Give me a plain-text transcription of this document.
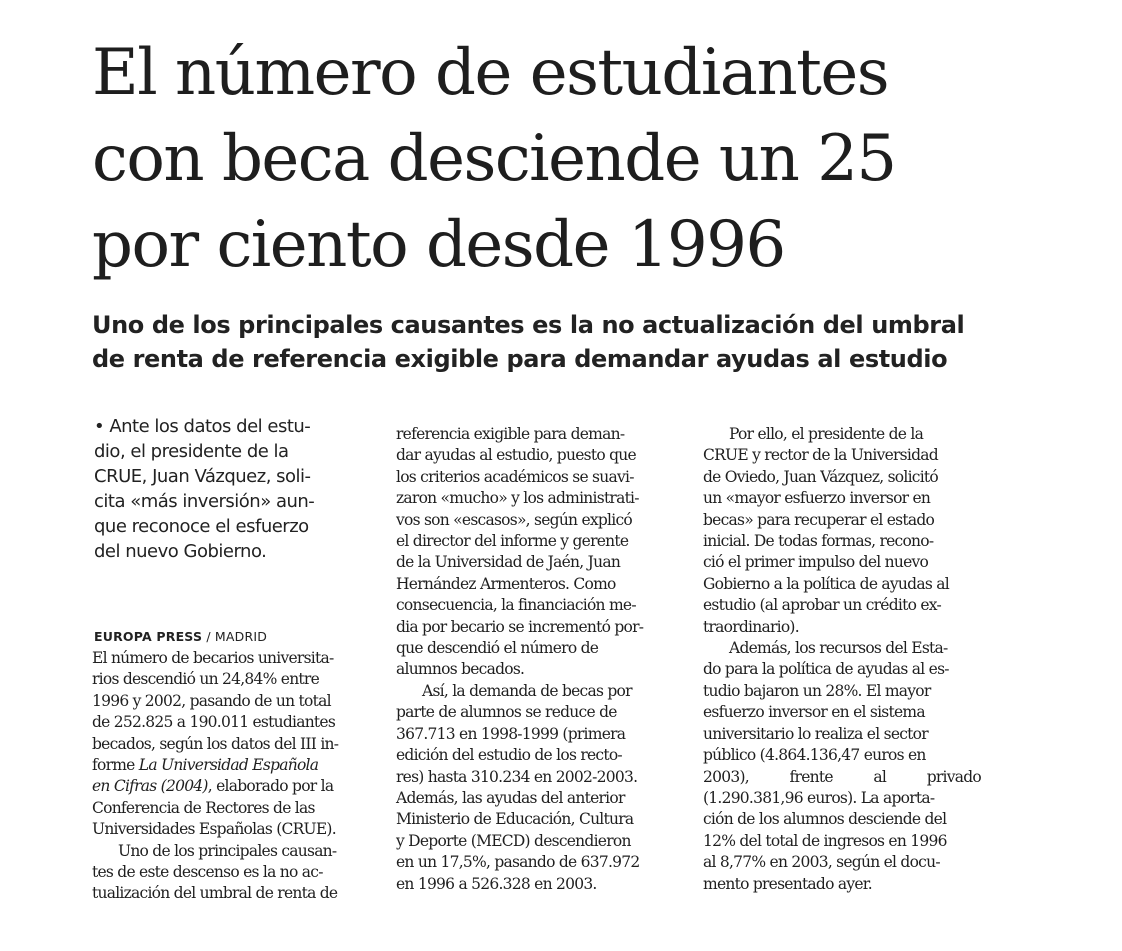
El número de estudiantes
con beca desciende un 25
por ciento desde 1996
Uno de los principales causantes es la no actualización del umbral
de renta de referencia exigible para demandar ayudas al estudio
• Ante los datos del estu-
dio, el presidente de la
CRUE, Juan Vázquez, soli-
cita «más inversión» aun-
que reconoce el esfuerzo
del nuevo Gobierno.
EUROPA PRESS / MADRID
El número de becarios universita-
rios descendió un 24,84% entre
1996 y 2002, pasando de un total
de 252.825 a 190.011 estudiantes
becados, según los datos del III in-
forme La Universidad Española
en Cifras (2004), elaborado por la
Conferencia de Rectores de las
Universidades Españolas (CRUE).
Uno de los principales causan-
tes de este descenso es la no ac-
tualización del umbral de renta de
referencia exigible para deman-
dar ayudas al estudio, puesto que
los criterios académicos se suavi-
zaron «mucho» y los administrati-
vos son «escasos», según explicó
el director del informe y gerente
de la Universidad de Jaén, Juan
Hernández Armenteros. Como
consecuencia, la financiación me-
dia por becario se incrementó por-
que descendió el número de
alumnos becados.
Así, la demanda de becas por
parte de alumnos se reduce de
367.713 en 1998-1999 (primera
edición del estudio de los recto-
res) hasta 310.234 en 2002-2003.
Además, las ayudas del anterior
Ministerio de Educación, Cultura
y Deporte (MECD) descendieron
en un 17,5%, pasando de 637.972
en 1996 a 526.328 en 2003.
Por ello, el presidente de la
CRUE y rector de la Universidad
de Oviedo, Juan Vázquez, solicitó
un «mayor esfuerzo inversor en
becas» para recuperar el estado
inicial. De todas formas, recono-
ció el primer impulso del nuevo
Gobierno a la política de ayudas al
estudio (al aprobar un crédito ex-
traordinario).
Además, los recursos del Esta-
do para la política de ayudas al es-
tudio bajaron un 28%. El mayor
esfuerzo inversor en el sistema
universitario lo realiza el sector
público (4.864.136,47 euros en
2003), frente al privado
(1.290.381,96 euros). La aporta-
ción de los alumnos desciende del
12% del total de ingresos en 1996
al 8,77% en 2003, según el docu-
mento presentado ayer.
